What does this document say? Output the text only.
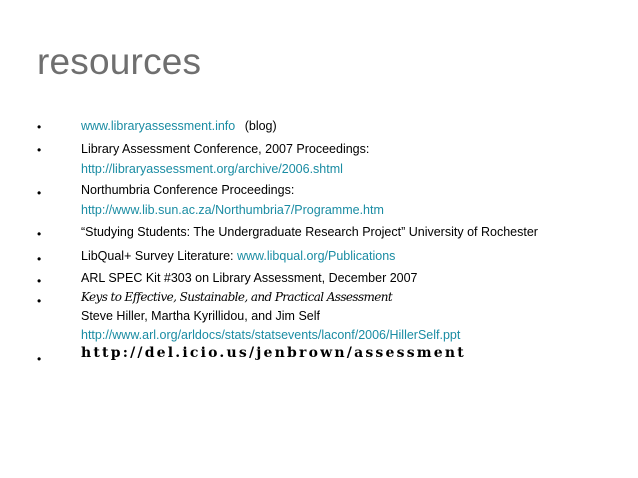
resources
•	www.libraryassessment.info (blog)
•	Library Assessment Conference, 2007 Proceedings:
http://libraryassessment.org/archive/2006.shtml
•	Northumbria Conference Proceedings:
http://www.lib.sun.ac.za/Northumbria7/Programme.htm
•	“Studying Students: The Undergraduate Research Project” University of Rochester
•	LibQual+ Survey Literature: www.libqual.org/Publications
•	ARL SPEC Kit #303 on Library Assessment, December 2007
•	Keys to Effective, Sustainable, and Practical Assessment
Steve Hiller, Martha Kyrillidou, and Jim Self
http://www.arl.org/arldocs/stats/statsevents/laconf/2006/HillerSelf.ppt
•	http://del.icio.us/jenbrown/assessment
